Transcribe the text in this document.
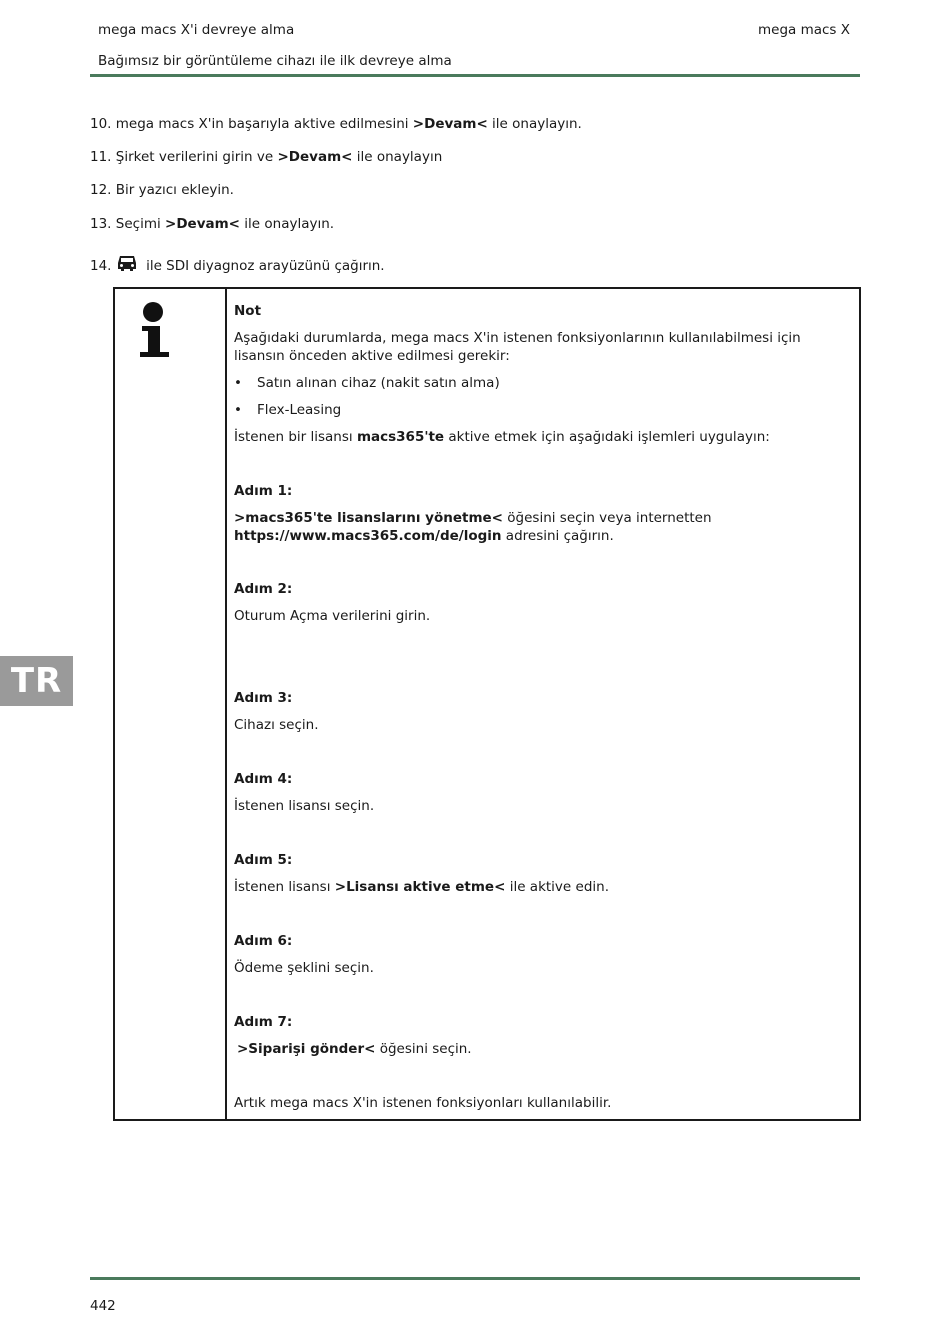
mega macs X'i devreye alma	mega macs X
Bağımsız bir görüntüleme cihazı ile ilk devreye alma
10. mega macs X'in başarıyla aktive edilmesini >Devam< ile onaylayın.
11. Şirket verilerini girin ve >Devam< ile onaylayın
12. Bir yazıcı ekleyin.
13. Seçimi >Devam< ile onaylayın.
14.  ile SDI diyagnoz arayüzünü çağırın.
Not
Aşağıdaki durumlarda, mega macs X'in istenen fonksiyonlarının kullanılabilmesi için lisansın önceden aktive edilmesi gerekir:
• Satın alınan cihaz (nakit satın alma)
• Flex-Leasing
İstenen bir lisansı macs365'te aktive etmek için aşağıdaki işlemleri uygulayın:
Adım 1:
>macs365'te lisanslarını yönetme< öğesini seçin veya internetten https://www.macs365.com/de/login adresini çağırın.
Adım 2:
Oturum Açma verilerini girin.
Adım 3:
Cihazı seçin.
Adım 4:
İstenen lisansı seçin.
Adım 5:
İstenen lisansı >Lisansı aktive etme< ile aktive edin.
Adım 6:
Ödeme şeklini seçin.
Adım 7:
>Siparişi gönder< öğesini seçin.
Artık mega macs X'in istenen fonksiyonları kullanılabilir.
TR
442
